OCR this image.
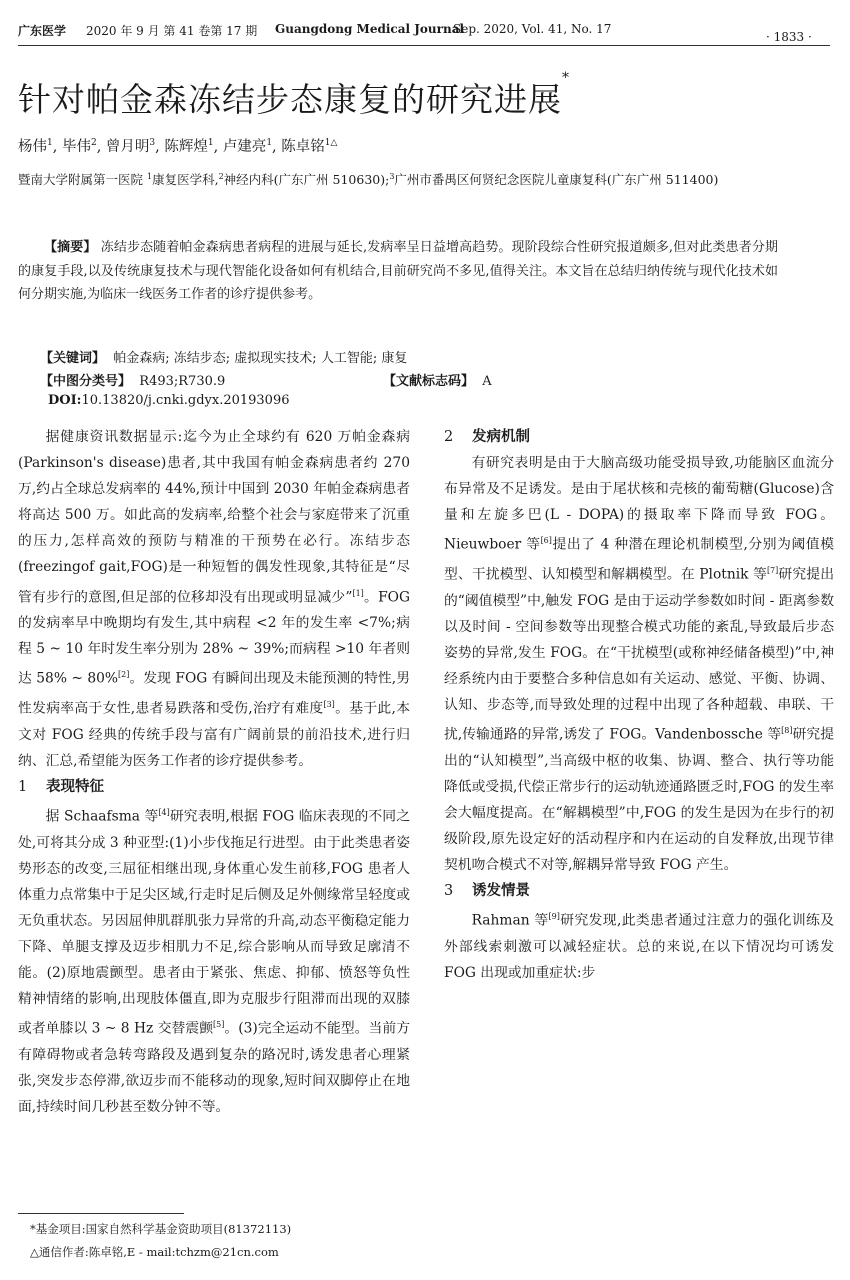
广东医学 2020 年 9 月 第 41 卷第 17 期 Guangdong Medical Journal
Sep. 2020, Vol. 41, No. 17
· 1833 ·
针对帕金森冻结步态康复的研究进展*
杨伟$^1$, 毕伟$^2$, 曾月明$^3$, 陈辉煌$^1$, 卢建亮$^1$, 陈卓铭$^{1\triangle}$
暨南大学附属第一医院 $^1$康复医学科,$^2$神经内科(广东广州 510630);$^3$广州市番禺区何贤纪念医院儿童康复科(广东广州 511400)
【摘要】 冻结步态随着帕金森病患者病程的进展与延长,发病率呈日益增高趋势。现阶段综合性研究报道颇多,但对此类患者分期的康复手段,以及传统康复技术与现代智能化设备如何有机结合,目前研究尚不多见,值得关注。本文旨在总结归纳传统与现代化技术如何分期实施,为临床一线医务工作者的诊疗提供参考。
【关键词】 帕金森病; 冻结步态; 虚拟现实技术; 人工智能; 康复
【中图分类号】 R493;R730.9	【文献标志码】 A
DOI:10.13820/j.cnki.gdyx.20193096

据健康资讯数据显示:迄今为止全球约有 620 万帕金森病(Parkinson's disease)患者,其中我国有帕金森病患者约 270 万,约占全球总发病率的 44%,预计中国到 2030 年帕金森病患者将高达 500 万。如此高的发病率,给整个社会与家庭带来了沉重的压力,怎样高效的预防与精准的干预势在必行。冻结步态(freezingof gait,FOG)是一种短暂的偶发性现象,其特征是“尽管有步行的意图,但足部的位移却没有出现或明显减少”[1]。FOG 的发病率早中晚期均有发生,其中病程 <2 年的发生率 <7%;病程 5 ~ 10 年时发生率分别为 28% ~ 39%;而病程 >10 年者则达 58% ~ 80%[2]。发现 FOG 有瞬间出现及未能预测的特性,男性发病率高于女性,患者易跌落和受伤,治疗有难度[3]。基于此,本文对 FOG 经典的传统手段与富有广阔前景的前沿技术,进行归纳、汇总,希望能为医务工作者的诊疗提供参考。

1 表现特征

据 Schaafsma 等[4]研究表明,根据 FOG 临床表现的不同之处,可将其分成 3 种亚型:(1)小步伐拖足行进型。由于此类患者姿势形态的改变,三屈征相继出现,身体重心发生前移,FOG 患者人体重力点常集中于足尖区域,行走时足后侧及足外侧缘常呈轻度或无负重状态。另因屈伸肌群肌张力异常的升高,动态平衡稳定能力下降、单腿支撑及迈步相肌力不足,综合影响从而导致足廓清不能。(2)原地震颤型。患者由于紧张、焦虑、抑郁、愤怒等负性精神情绪的影响,出现肢体僵直,即为克服步行阻滞而出现的双膝或者单膝以 3 ~ 8 Hz 交替震颤[5]。(3)完全运动不能型。当前方有障碍物或者急转弯路段及遇到复杂的路况时,诱发患者心理紧张,突发步态停滞,欲迈步而不能移动的现象,短时间双脚停止在地面,持续时间几秒甚至数分钟不等。

2 发病机制

有研究表明是由于大脑高级功能受损导致,功能脑区血流分布异常及不足诱发。是由于尾状核和壳核的葡萄糖(Glucose)含量和左旋多巴(L - DOPA)的摄取率下降而导致 FOG。Nieuwboer 等[6]提出了 4 种潜在理论机制模型,分别为阈值模型、干扰模型、认知模型和解耦模型。在 Plotnik 等[7]研究提出的“阈值模型”中,触发 FOG 是由于运动学参数如时间 - 距离参数以及时间 - 空间参数等出现整合模式功能的紊乱,导致最后步态姿势的异常,发生 FOG。在“干扰模型(或称神经储备模型)”中,神经系统内由于要整合多种信息如有关运动、感觉、平衡、协调、认知、步态等,而导致处理的过程中出现了各种超载、串联、干扰,传输通路的异常,诱发了 FOG。Vandenbossche 等[8]研究提出的“认知模型”,当高级中枢的收集、协调、整合、执行等功能降低或受损,代偿正常步行的运动轨迹通路匮乏时,FOG 的发生率会大幅度提高。在“解耦模型”中,FOG 的发生是因为在步行的初级阶段,原先设定好的活动程序和内在运动的自发释放,出现节律契机吻合模式不对等,解耦异常导致 FOG 产生。

3 诱发情景

Rahman 等[9]研究发现,此类患者通过注意力的强化训练及外部线索刺激可以减轻症状。总的来说,在以下情况均可诱发 FOG 出现或加重症状:步

*基金项目:国家自然科学基金资助项目(81372113)
△通信作者:陈卓铭,E - mail:tchzm@21cn.com
